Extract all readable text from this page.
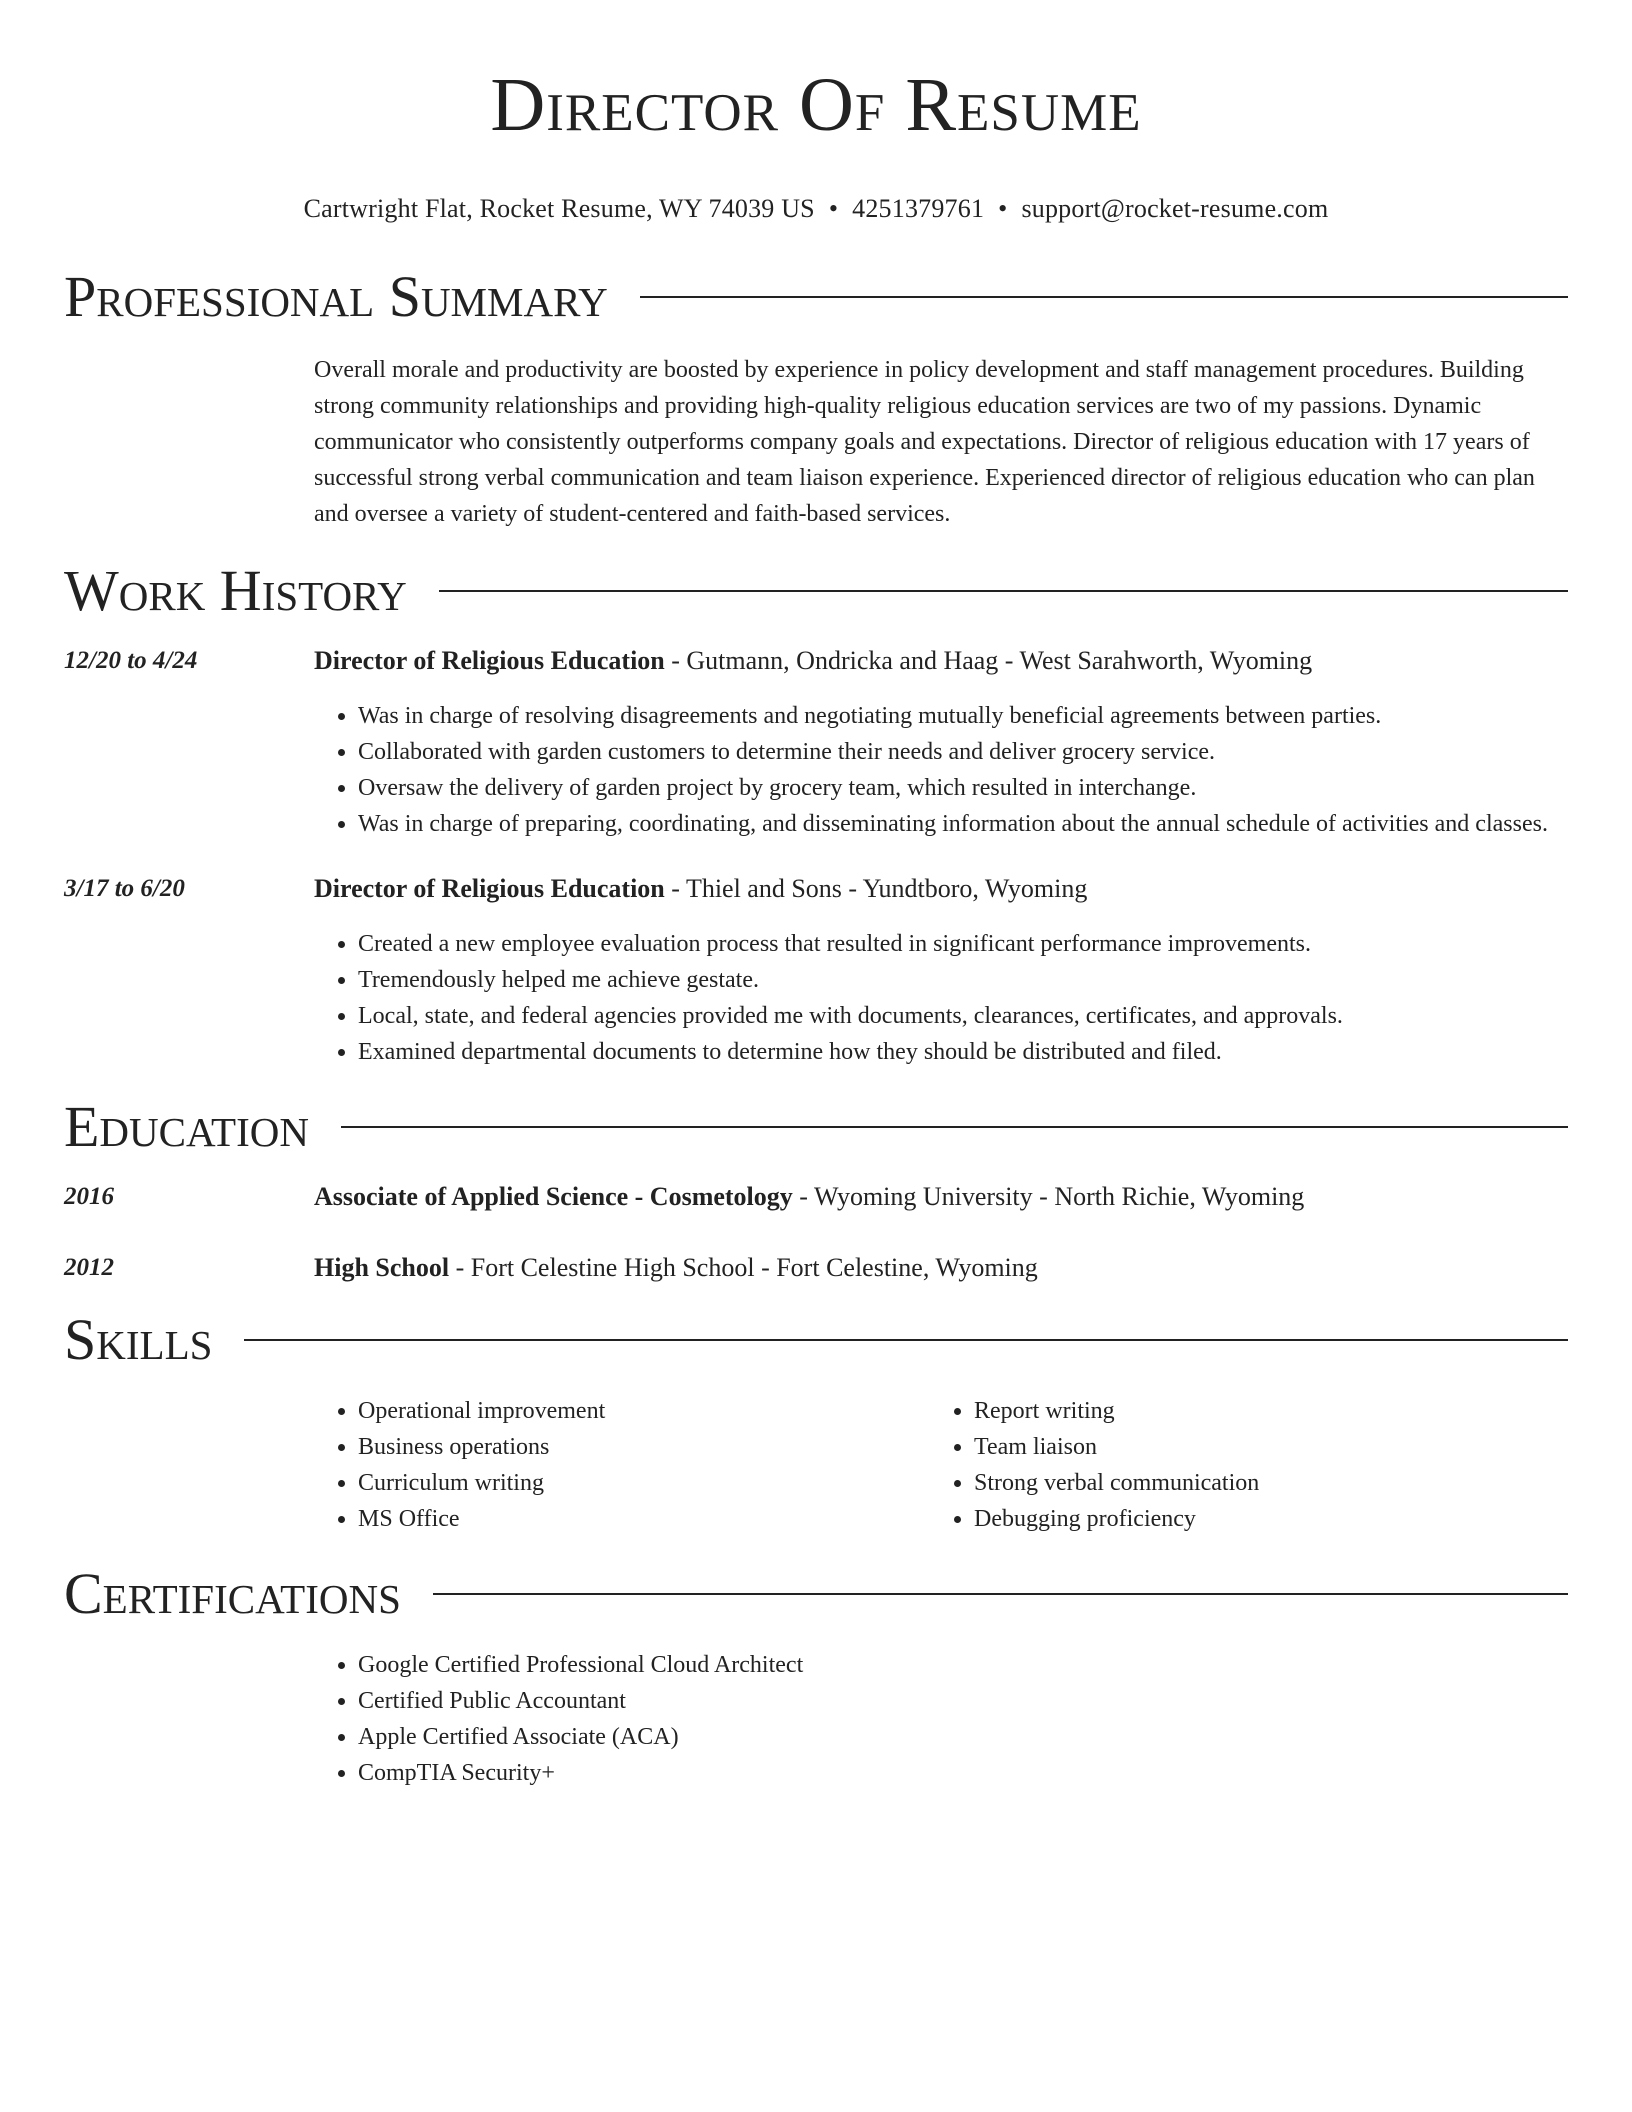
Director Of Resume
Cartwright Flat, Rocket Resume, WY 74039 US • 4251379761 • support@rocket-resume.com
Professional Summary
Overall morale and productivity are boosted by experience in policy development and staff management procedures. Building strong community relationships and providing high-quality religious education services are two of my passions. Dynamic communicator who consistently outperforms company goals and expectations. Director of religious education with 17 years of successful strong verbal communication and team liaison experience. Experienced director of religious education who can plan and oversee a variety of student-centered and faith-based services.
Work History
12/20 to 4/24	Director of Religious Education - Gutmann, Ondricka and Haag - West Sarahworth, Wyoming
• Was in charge of resolving disagreements and negotiating mutually beneficial agreements between parties.
• Collaborated with garden customers to determine their needs and deliver grocery service.
• Oversaw the delivery of garden project by grocery team, which resulted in interchange.
• Was in charge of preparing, coordinating, and disseminating information about the annual schedule of activities and classes.
3/17 to 6/20	Director of Religious Education - Thiel and Sons - Yundtboro, Wyoming
• Created a new employee evaluation process that resulted in significant performance improvements.
• Tremendously helped me achieve gestate.
• Local, state, and federal agencies provided me with documents, clearances, certificates, and approvals.
• Examined departmental documents to determine how they should be distributed and filed.
Education
2016	Associate of Applied Science - Cosmetology - Wyoming University - North Richie, Wyoming
2012	High School - Fort Celestine High School - Fort Celestine, Wyoming
Skills
• Operational improvement
• Business operations
• Curriculum writing
• MS Office
• Report writing
• Team liaison
• Strong verbal communication
• Debugging proficiency
Certifications
• Google Certified Professional Cloud Architect
• Certified Public Accountant
• Apple Certified Associate (ACA)
• CompTIA Security+
